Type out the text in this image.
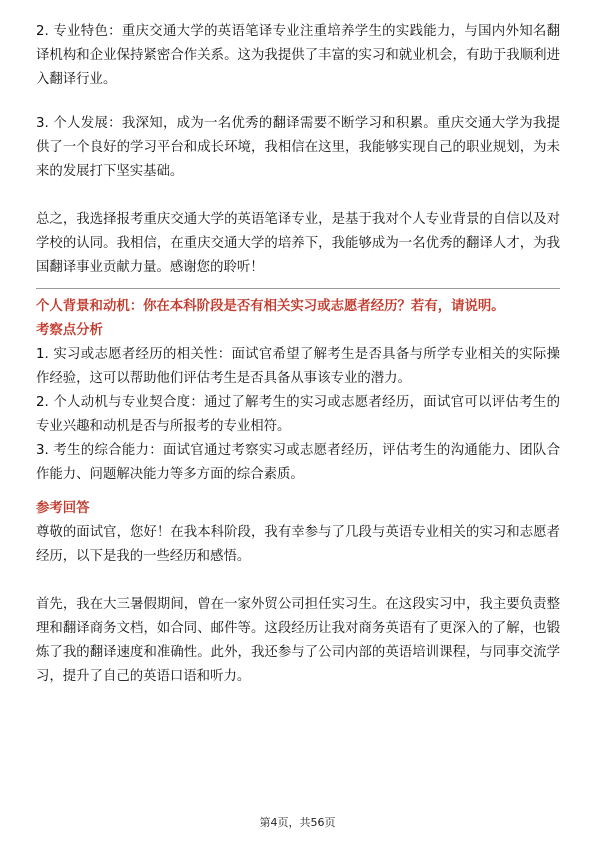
2. 专业特色：重庆交通大学的英语笔译专业注重培养学生的实践能力，与国内外知名翻译机构和企业保持紧密合作关系。这为我提供了丰富的实习和就业机会，有助于我顺利进入翻译行业。

3. 个人发展：我深知，成为一名优秀的翻译需要不断学习和积累。重庆交通大学为我提供了一个良好的学习平台和成长环境，我相信在这里，我能够实现自己的职业规划，为未来的发展打下坚实基础。

总之，我选择报考重庆交通大学的英语笔译专业，是基于我对个人专业背景的自信以及对学校的认同。我相信，在重庆交通大学的培养下，我能够成为一名优秀的翻译人才，为我国翻译事业贡献力量。感谢您的聆听！

个人背景和动机：你在本科阶段是否有相关实习或志愿者经历？若有，请说明。
考察点分析

1. 实习或志愿者经历的相关性：面试官希望了解考生是否具备与所学专业相关的实际操作经验，这可以帮助他们评估考生是否具备从事该专业的潜力。

2. 个人动机与专业契合度：通过了解考生的实习或志愿者经历，面试官可以评估考生的专业兴趣和动机是否与所报考的专业相符。

3. 考生的综合能力：面试官通过考察实习或志愿者经历，评估考生的沟通能力、团队合作能力、问题解决能力等多方面的综合素质。

参考回答

尊敬的面试官，您好！在我本科阶段，我有幸参与了几段与英语专业相关的实习和志愿者经历，以下是我的一些经历和感悟。

首先，我在大三暑假期间，曾在一家外贸公司担任实习生。在这段实习中，我主要负责整理和翻译商务文档，如合同、邮件等。这段经历让我对商务英语有了更深入的了解，也锻炼了我的翻译速度和准确性。此外，我还参与了公司内部的英语培训课程，与同事交流学习，提升了自己的英语口语和听力。

第4页，共56页
